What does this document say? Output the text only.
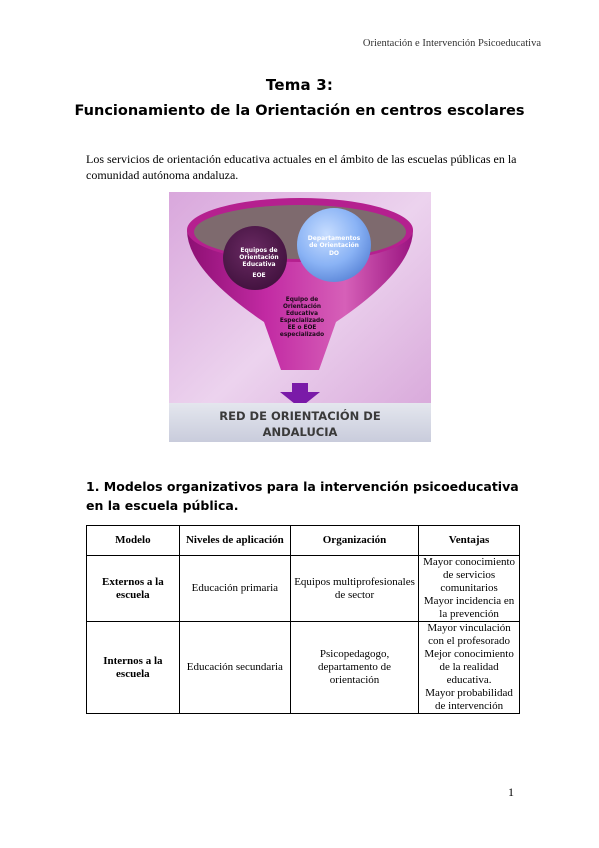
Orientación e Intervención Psicoeducativa
Tema 3:
Funcionamiento de la Orientación en centros escolares
Los servicios de orientación educativa actuales en el ámbito de las escuelas públicas en la comunidad autónoma andaluza.
Equipos de
Orientación
Educativa
EOE
Departamentos
de Orientación
DO
Equipo de
Orientación
Educativa
Especializado
EE o EOE
especializado
RED DE ORIENTACIÓN DE
ANDALUCIA
1. Modelos organizativos para la intervención psicoeducativa en la escuela pública.
Modelo	Niveles de aplicación	Organización	Ventajas
Externos a la escuela	Educación primaria	Equipos multiprofesionales de sector	Mayor conocimiento de servicios comunitarios
Mayor incidencia en la prevención

Internos a la escuela	Educación secundaria	Psicopedagogo, departamento de orientación	Mayor vinculación con el profesorado
Mejor conocimiento de la realidad educativa.
Mayor probabilidad de intervención
1
